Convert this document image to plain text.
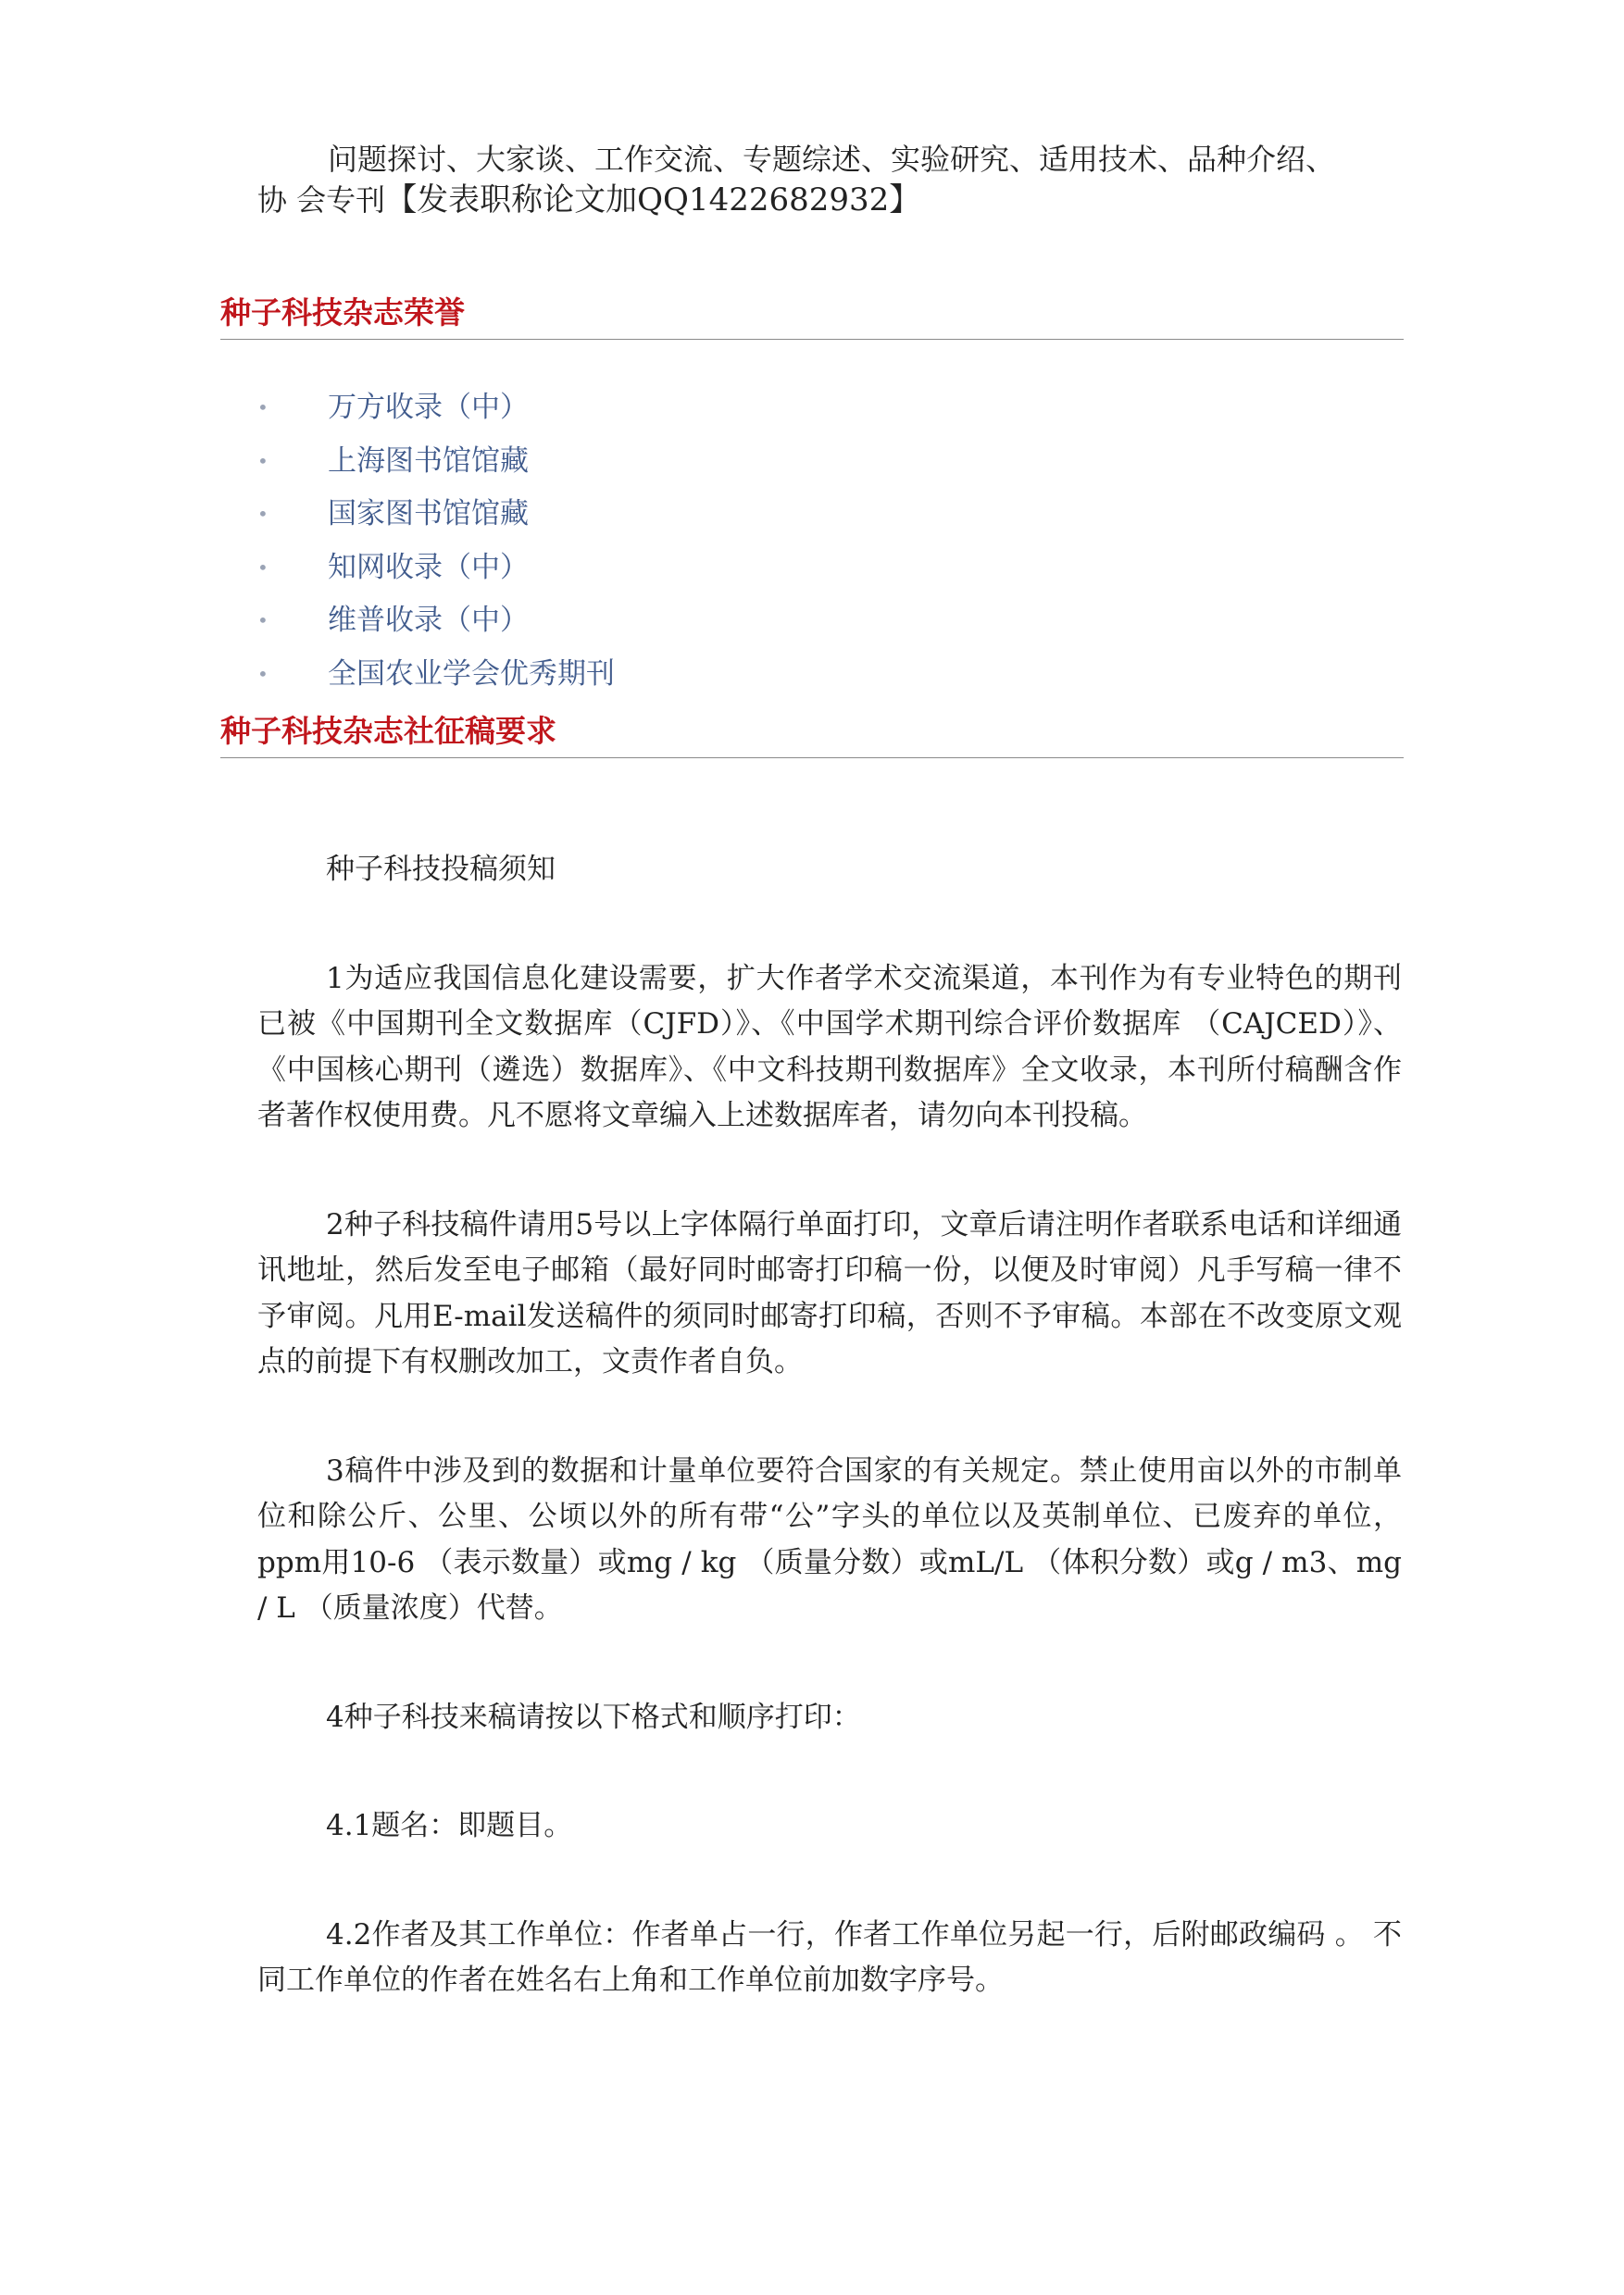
问题探讨、大家谈、工作交流、专题综述、实验研究、适用技术、品种介绍、

协 会专刊【发表职称论文加QQ1422682932】

种子科技杂志荣誉
• 万方收录（中）
• 上海图书馆馆藏
• 国家图书馆馆藏
• 知网收录（中）
• 维普收录（中）
• 全国农业学会优秀期刊
种子科技杂志社征稿要求

种子科技投稿须知

1为适应我国信息化建设需要，扩大作者学术交流渠道，本刊作为有专业特色的期刊已被《中国期刊全文数据库（CJFD）》、《中国学术期刊综合评价数据库 （CAJCED）》、《中国核心期刊（遴选）数据库》、《中文科技期刊数据库》全文收录，本刊所付稿酬含作者著作权使用费。凡不愿将文章编入上述数据库者，请勿向本刊投稿。

2种子科技稿件请用5号以上字体隔行单面打印，文章后请注明作者联系电话和详细通讯地址，然后发至电子邮箱（最好同时邮寄打印稿一份，以便及时审阅）凡手写稿一律不予审阅。凡用E-mail发送稿件的须同时邮寄打印稿，否则不予审稿。本部在不改变原文观点的前提下有权删改加工，文责作者自负。

3稿件中涉及到的数据和计量单位要符合国家的有关规定。禁止使用亩以外的市制单位和除公斤、公里、公顷以外的所有带“公”字头的单位以及英制单位、已废弃的单位，ppm用10-6 （表示数量）或mg / kg （质量分数）或mL/L （体积分数）或g / m3、mg / L （质量浓度）代替。

4种子科技来稿请按以下格式和顺序打印：

4.1题名：即题目。

4.2作者及其工作单位：作者单占一行，作者工作单位另起一行，后附邮政编码 。 不同工作单位的作者在姓名右上角和工作单位前加数字序号。
